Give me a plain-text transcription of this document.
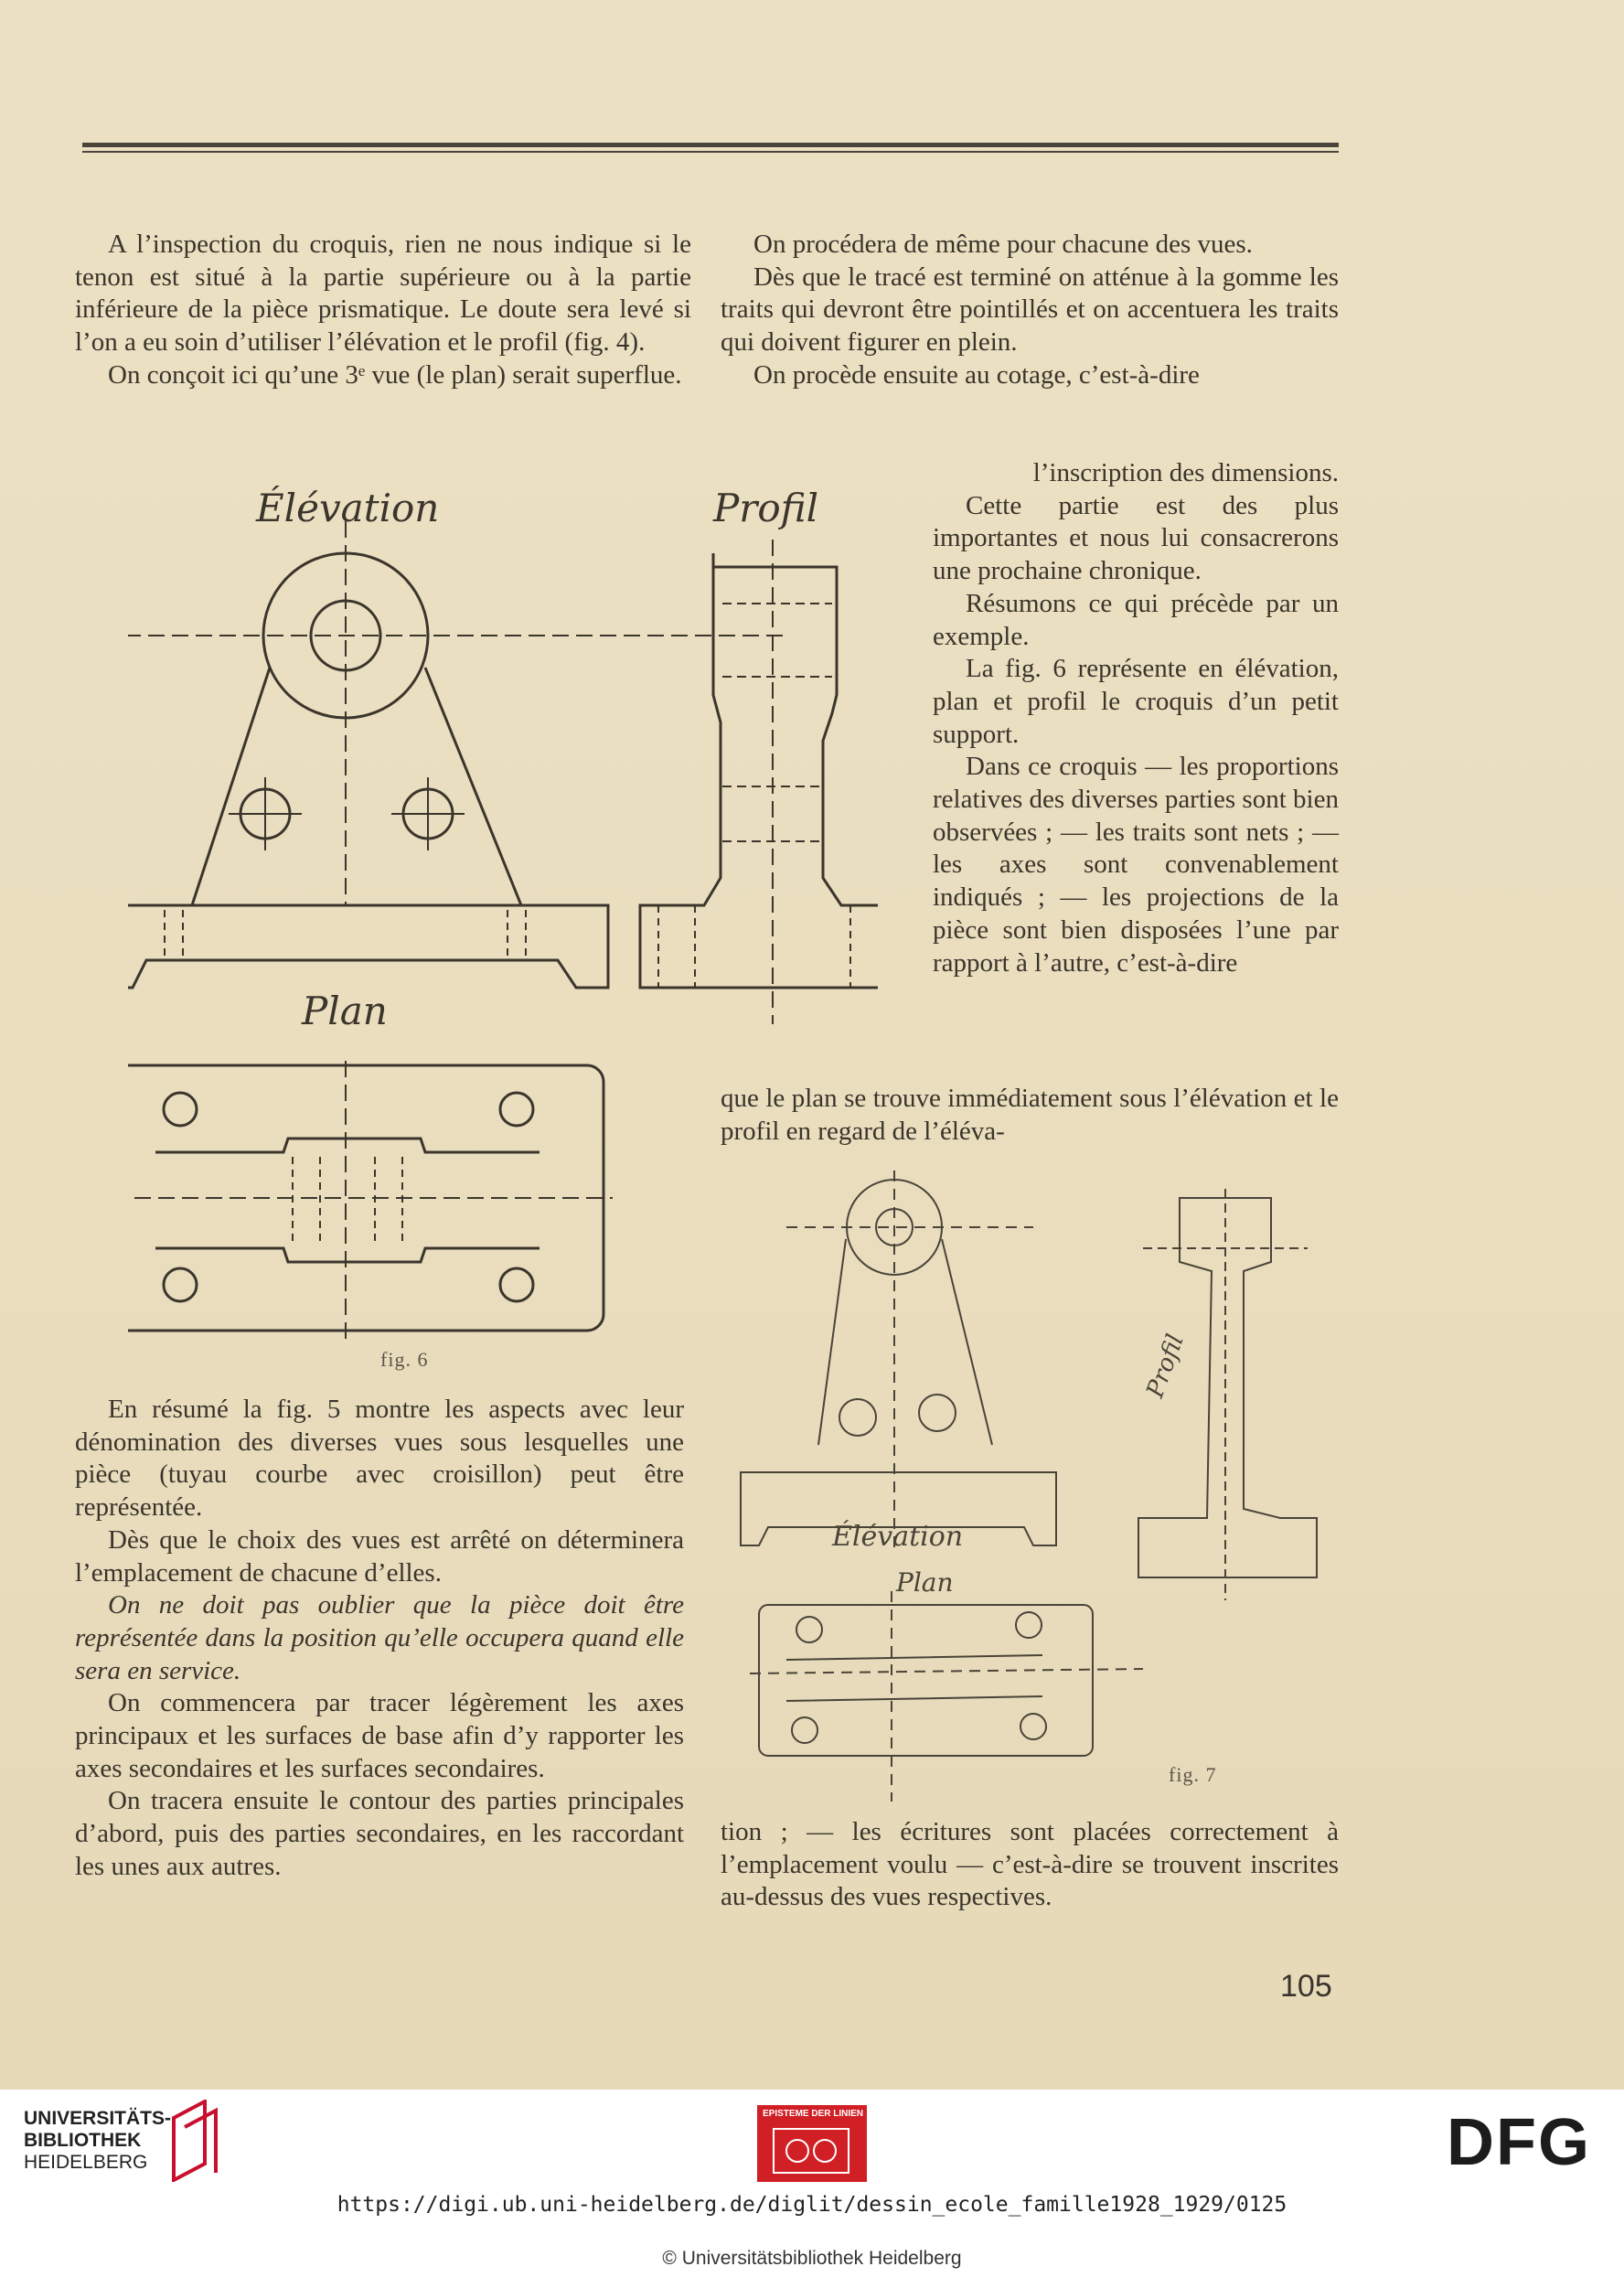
A l’inspection du croquis, rien ne nous indique si le tenon est situé à la partie supérieure ou à la partie inférieure de la pièce prismatique. Le doute sera levé si l’on a eu soin d’utiliser l’élévation et le profil (fig. 4).

On conçoit ici qu’une 3ᵉ vue (le plan) serait superflue.

Élévation	Profil
Plan
fig. 6

En résumé la fig. 5 montre les aspects avec leur dénomination des diverses vues sous lesquelles une pièce (tuyau courbe avec croisillon) peut être représentée.

Dès que le choix des vues est arrêté on déterminera l’emplacement de chacune d’elles.

On ne doit pas oublier que la pièce doit être représentée dans la position qu’elle occupera quand elle sera en service.

On commencera par tracer légèrement les axes principaux et les surfaces de base afin d’y rapporter les axes secondaires et les surfaces secondaires.

On tracera ensuite le contour des parties principales d’abord, puis des parties secondaires, en les raccordant les unes aux autres.

On procédera de même pour chacune des vues.

Dès que le tracé est terminé on atténue à la gomme les traits qui devront être pointillés et on accentuera les traits qui doivent figurer en plein.

On procède ensuite au cotage, c’est-à-dire

l’inscription des dimensions.

Cette partie est des plus importantes et nous lui consacrerons une prochaine chronique.

Résumons ce qui précède par un exemple.

La fig. 6 représente en élévation, plan et profil le croquis d’un petit support.

Dans ce croquis — les proportions relatives des diverses parties sont bien observées ; — les traits sont nets ; — les axes sont convenablement indiqués ; — les projections de la pièce sont bien disposées l’une par rapport à l’autre, c’est-à-dire

que le plan se trouve immédiatement sous l’élévation et le profil en regard de l’éléva-

Élévation
Profil
Plan
fig. 7

tion ; — les écritures sont placées correctement à l’emplacement voulu — c’est-à-dire se trouvent inscrites au-dessus des vues respectives.

105
UNIVERSITÄTS-
BIBLIOTHEK
HEIDELBERG
EPISTEME DER LINIEN	DFG
https://digi.ub.uni-heidelberg.de/diglit/dessin_ecole_famille1928_1929/0125
© Universitätsbibliothek Heidelberg
